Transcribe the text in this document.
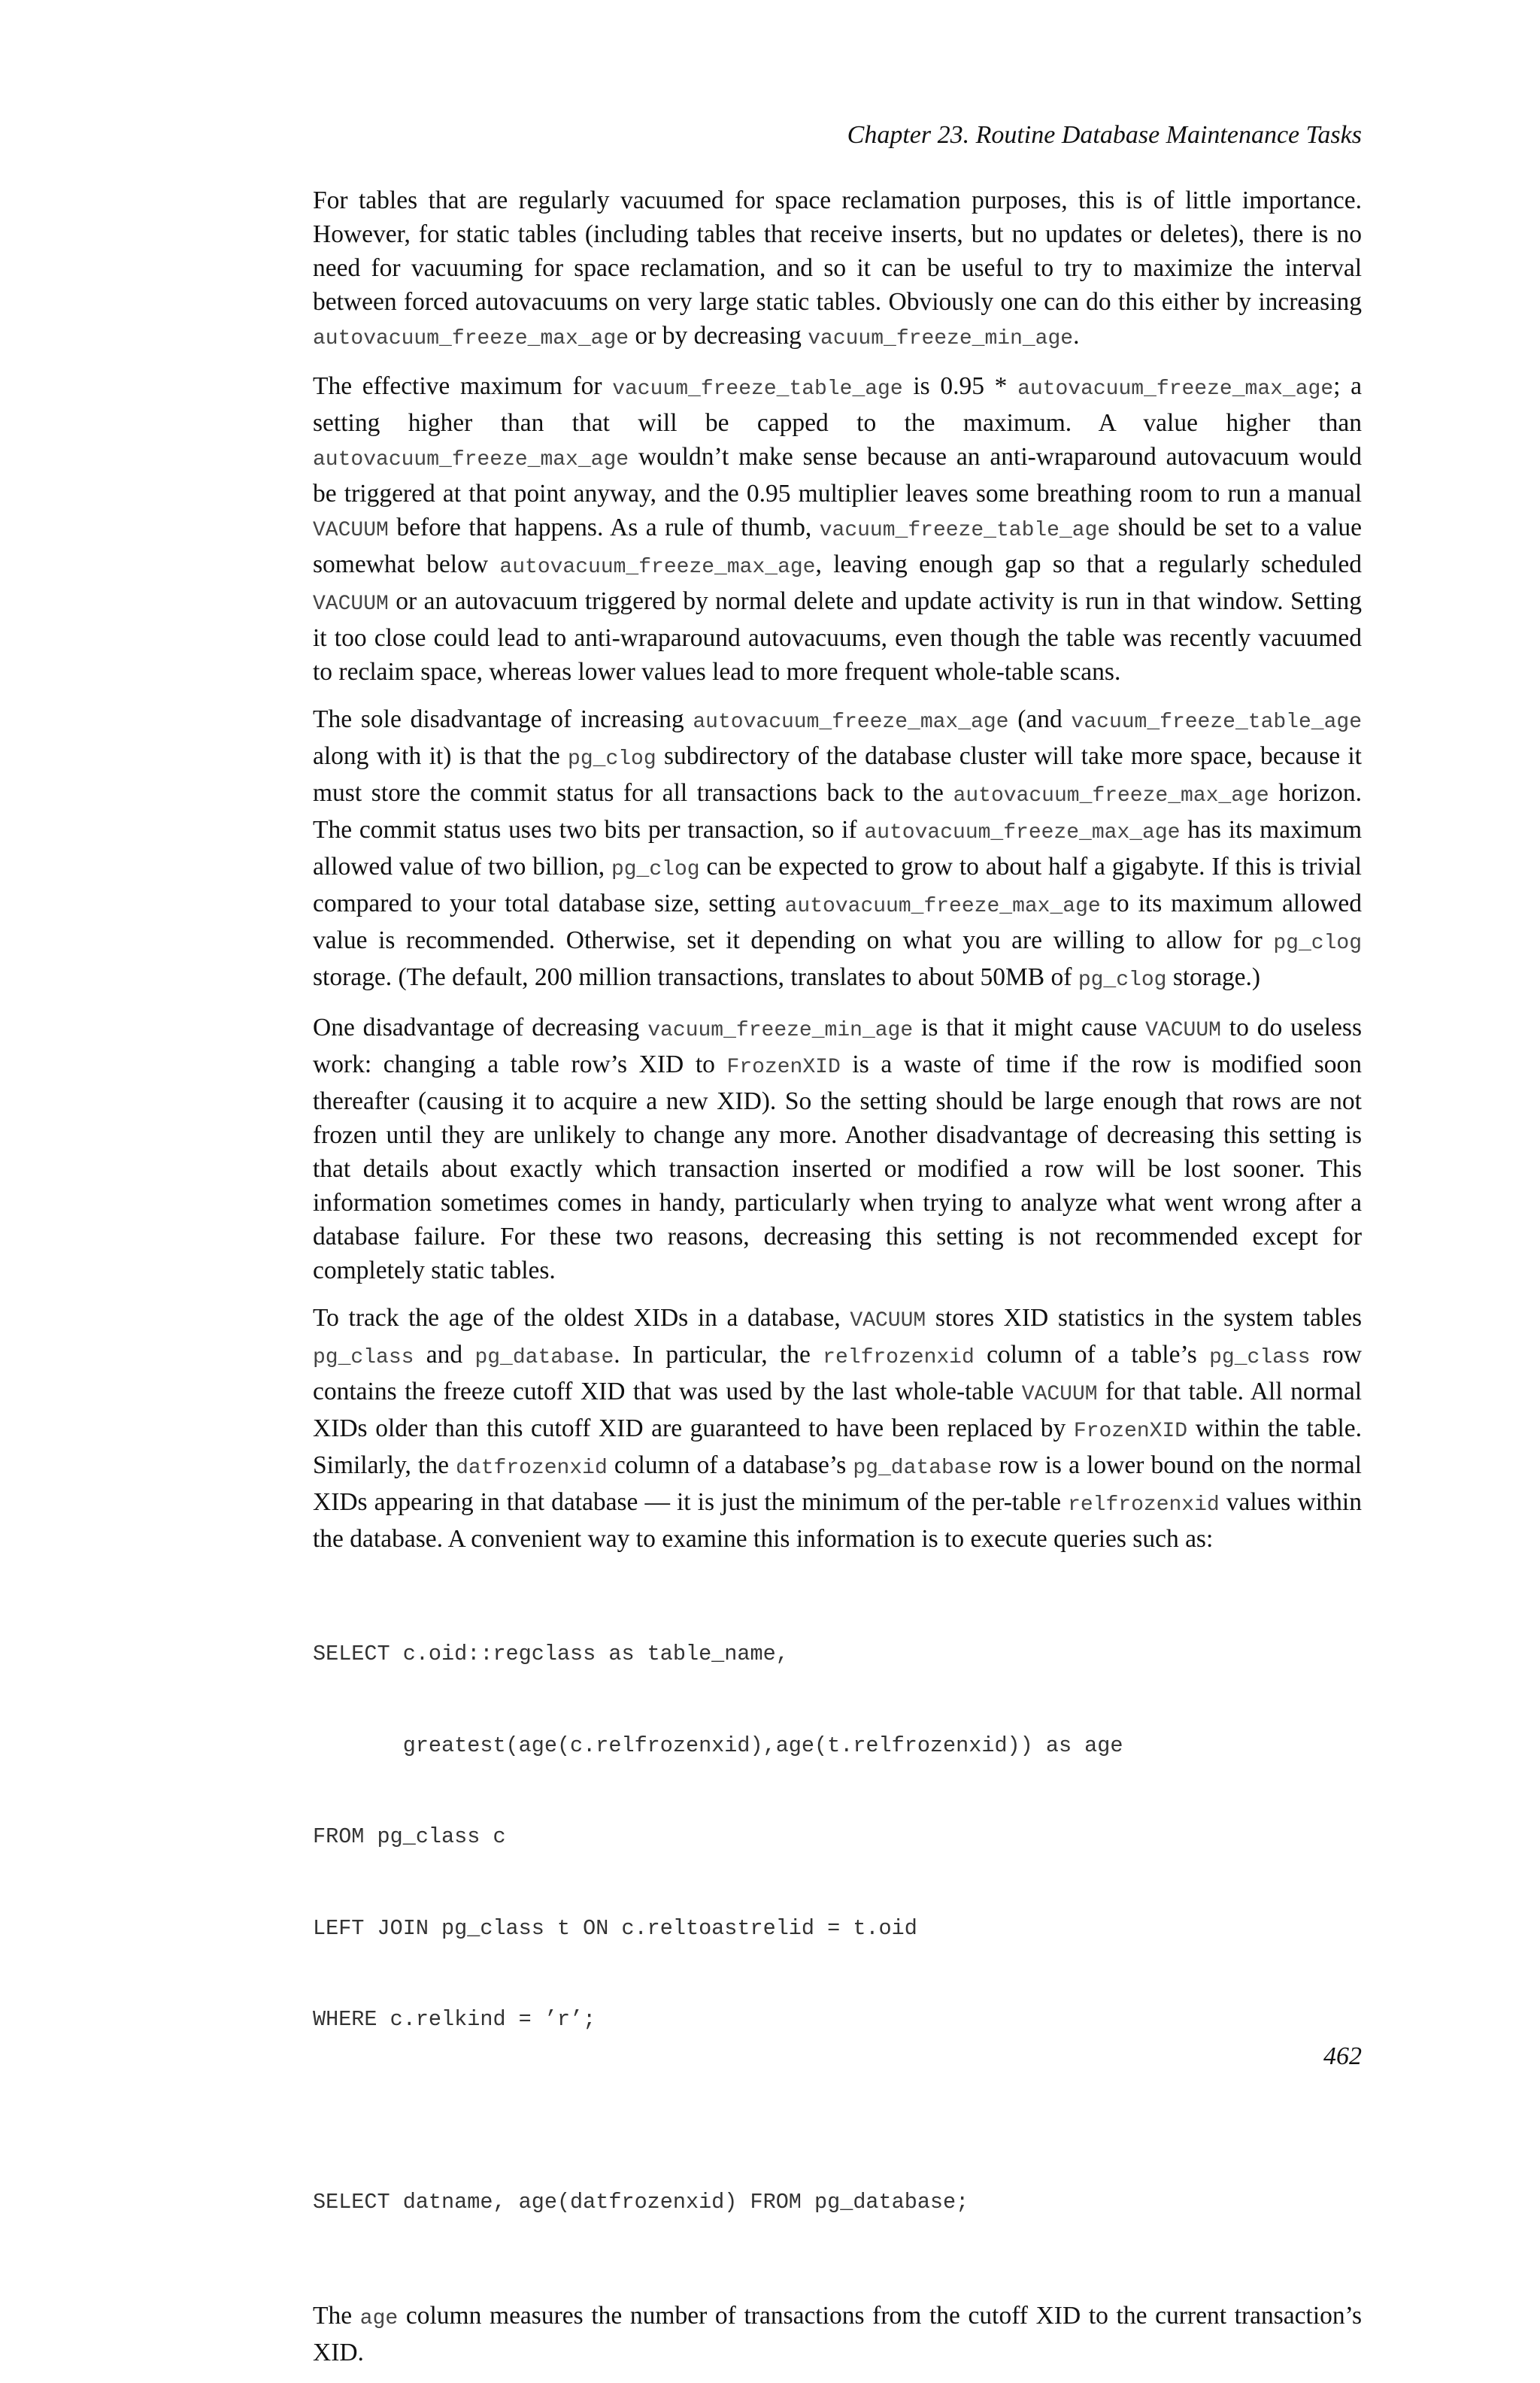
Chapter 23. Routine Database Maintenance Tasks

For tables that are regularly vacuumed for space reclamation purposes, this is of little importance. However, for static tables (including tables that receive inserts, but no updates or deletes), there is no need for vacuuming for space reclamation, and so it can be useful to try to maximize the interval between forced autovacuums on very large static tables. Obviously one can do this either by increasing autovacuum_freeze_max_age or by decreasing vacuum_freeze_min_age.

The effective maximum for vacuum_freeze_table_age is 0.95 * autovacuum_freeze_max_age; a setting higher than that will be capped to the maximum. A value higher than autovacuum_freeze_max_age wouldn’t make sense because an anti-wraparound autovacuum would be triggered at that point anyway, and the 0.95 multiplier leaves some breathing room to run a manual VACUUM before that happens. As a rule of thumb, vacuum_freeze_table_age should be set to a value somewhat below autovacuum_freeze_max_age, leaving enough gap so that a regularly scheduled VACUUM or an autovacuum triggered by normal delete and update activity is run in that window. Setting it too close could lead to anti-wraparound autovacuums, even though the table was recently vacuumed to reclaim space, whereas lower values lead to more frequent whole-table scans.

The sole disadvantage of increasing autovacuum_freeze_max_age (and vacuum_freeze_table_age along with it) is that the pg_clog subdirectory of the database cluster will take more space, because it must store the commit status for all transactions back to the autovacuum_freeze_max_age horizon. The commit status uses two bits per transaction, so if autovacuum_freeze_max_age has its maximum allowed value of two billion, pg_clog can be expected to grow to about half a gigabyte. If this is trivial compared to your total database size, setting autovacuum_freeze_max_age to its maximum allowed value is recommended. Otherwise, set it depending on what you are willing to allow for pg_clog storage. (The default, 200 million transactions, translates to about 50MB of pg_clog storage.)

One disadvantage of decreasing vacuum_freeze_min_age is that it might cause VACUUM to do useless work: changing a table row’s XID to FrozenXID is a waste of time if the row is modified soon thereafter (causing it to acquire a new XID). So the setting should be large enough that rows are not frozen until they are unlikely to change any more. Another disadvantage of decreasing this setting is that details about exactly which transaction inserted or modified a row will be lost sooner. This information sometimes comes in handy, particularly when trying to analyze what went wrong after a database failure. For these two reasons, decreasing this setting is not recommended except for completely static tables.

To track the age of the oldest XIDs in a database, VACUUM stores XID statistics in the system tables pg_class and pg_database. In particular, the relfrozenxid column of a table’s pg_class row contains the freeze cutoff XID that was used by the last whole-table VACUUM for that table. All normal XIDs older than this cutoff XID are guaranteed to have been replaced by FrozenXID within the table. Similarly, the datfrozenxid column of a database’s pg_database row is a lower bound on the normal XIDs appearing in that database — it is just the minimum of the per-table relfrozenxid values within the database. A convenient way to examine this information is to execute queries such as:

SELECT c.oid::regclass as table_name,

greatest(age(c.relfrozenxid),age(t.relfrozenxid)) as age

FROM pg_class c

LEFT JOIN pg_class t ON c.reltoastrelid = t.oid

WHERE c.relkind = ’r’;

SELECT datname, age(datfrozenxid) FROM pg_database;

The age column measures the number of transactions from the cutoff XID to the current transaction’s XID.

462
